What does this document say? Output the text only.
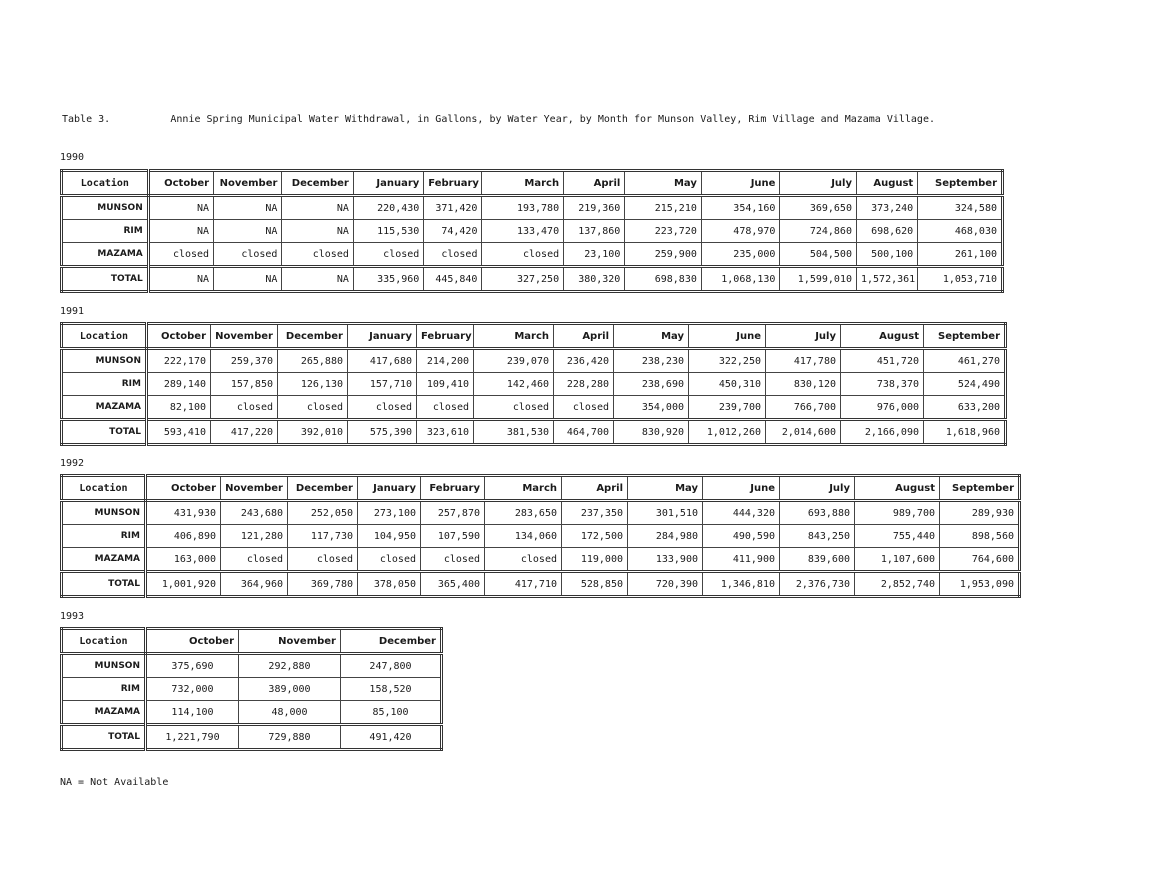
Table 3.	Annie Spring Municipal Water Withdrawal, in Gallons, by Water Year, by Month for Munson Valley, Rim Village and Mazama Village.
1990
Location	October	November	December	January	February	March	April	May	June	July	August	September
MUNSON	NA	NA	NA	220,430	371,420	193,780	219,360	215,210	354,160	369,650	373,240	324,580
RIM	NA	NA	NA	115,530	74,420	133,470	137,860	223,720	478,970	724,860	698,620	468,030
MAZAMA	closed	closed	closed	closed	closed	closed	23,100	259,900	235,000	504,500	500,100	261,100
TOTAL	NA	NA	NA	335,960	445,840	327,250	380,320	698,830	1,068,130	1,599,010	1,572,361	1,053,710
1991
Location	October	November	December	January	February	March	April	May	June	July	August	September
MUNSON	222,170	259,370	265,880	417,680	214,200	239,070	236,420	238,230	322,250	417,780	451,720	461,270
RIM	289,140	157,850	126,130	157,710	109,410	142,460	228,280	238,690	450,310	830,120	738,370	524,490
MAZAMA	82,100	closed	closed	closed	closed	closed	closed	354,000	239,700	766,700	976,000	633,200
TOTAL	593,410	417,220	392,010	575,390	323,610	381,530	464,700	830,920	1,012,260	2,014,600	2,166,090	1,618,960
1992
Location	October	November	December	January	February	March	April	May	June	July	August	September
MUNSON	431,930	243,680	252,050	273,100	257,870	283,650	237,350	301,510	444,320	693,880	989,700	289,930
RIM	406,890	121,280	117,730	104,950	107,590	134,060	172,500	284,980	490,590	843,250	755,440	898,560
MAZAMA	163,000	closed	closed	closed	closed	closed	119,000	133,900	411,900	839,600	1,107,600	764,600
TOTAL	1,001,920	364,960	369,780	378,050	365,400	417,710	528,850	720,390	1,346,810	2,376,730	2,852,740	1,953,090
1993
Location	October	November	December
MUNSON	375,690	292,880	247,800
RIM	732,000	389,000	158,520
MAZAMA	114,100	48,000	85,100
TOTAL	1,221,790	729,880	491,420
NA = Not Available
